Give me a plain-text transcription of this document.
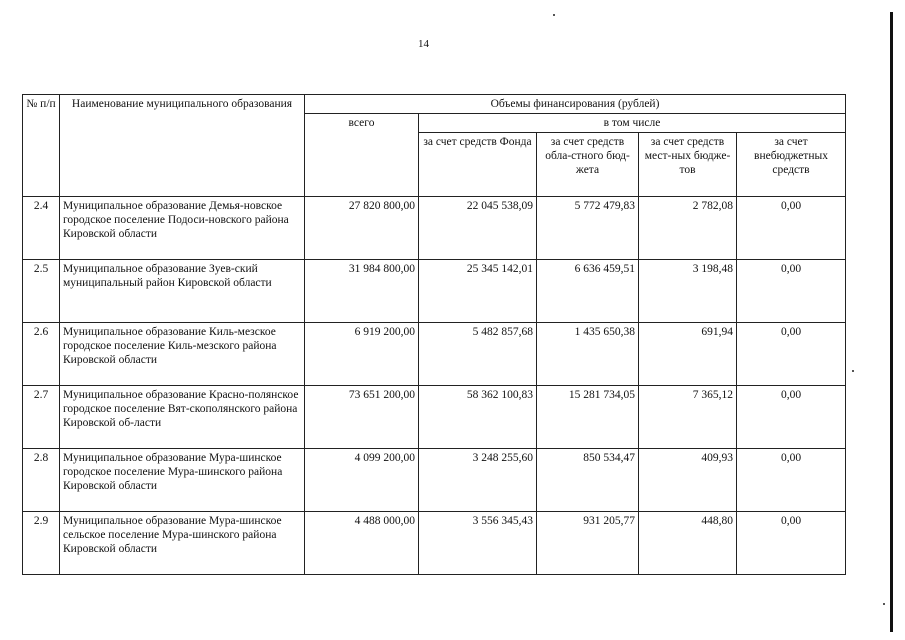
14
№ п/п	Наименование муниципального образования	Объемы финансирования (рублей)				
		всего	в том числе			
			за счет средств Фонда	за счет средств обла-стного бюд-жета	за счет средств мест-ных бюдже-тов	за счет внебюджетных средств
2.4	Муниципальное образование Демья-новское городское поселение Подоси-новского района Кировской области	27 820 800,00	22 045 538,09	5 772 479,83	2 782,08	0,00
2.5	Муниципальное образование Зуев-ский муниципальный район Кировской области	31 984 800,00	25 345 142,01	6 636 459,51	3 198,48	0,00
2.6	Муниципальное образование Киль-мезское городское поселение Киль-мезского района Кировской области	6 919 200,00	5 482 857,68	1 435 650,38	691,94	0,00
2.7	Муниципальное образование Красно-полянское городское поселение Вят-скополянского района Кировской об-ласти	73 651 200,00	58 362 100,83	15 281 734,05	7 365,12	0,00
2.8	Муниципальное образование Мура-шинское городское поселение Мура-шинского района Кировской области	4 099 200,00	3 248 255,60	850 534,47	409,93	0,00
2.9	Муниципальное образование Мура-шинское сельское поселение Мура-шинского района Кировской области	4 488 000,00	3 556 345,43	931 205,77	448,80	0,00
